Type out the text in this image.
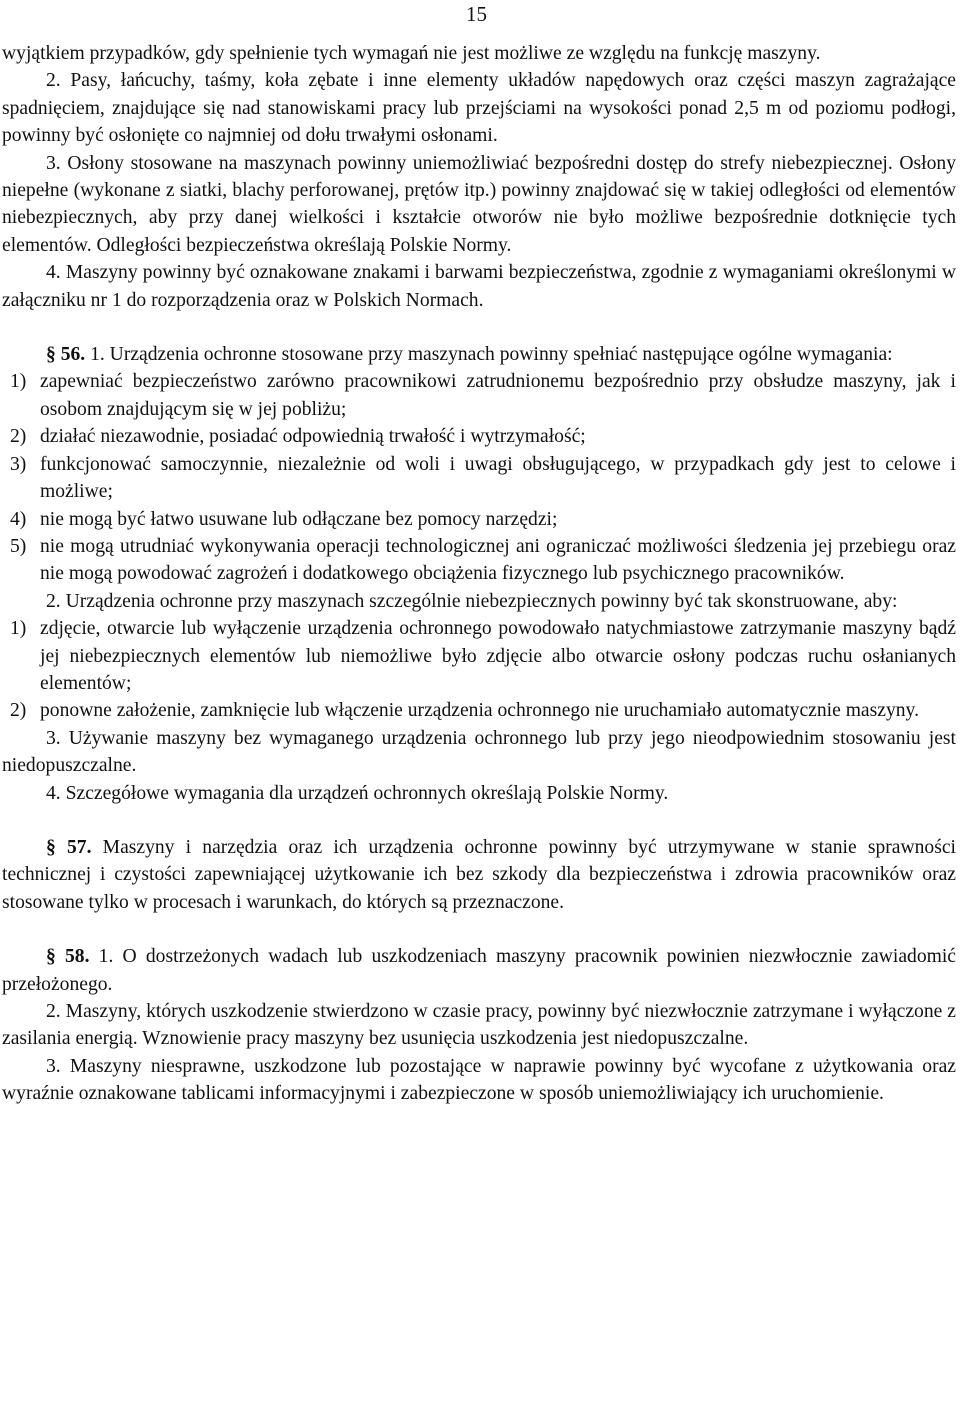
15

wyjątkiem przypadków, gdy spełnienie tych wymagań nie jest możliwe ze względu na funkcję maszyny.

2. Pasy, łańcuchy, taśmy, koła zębate i inne elementy układów napędowych oraz części maszyn zagrażające spadnięciem, znajdujące się nad stanowiskami pracy lub przejściami na wysokości ponad 2,5 m od poziomu podłogi, powinny być osłonięte co najmniej od dołu trwałymi osłonami.

3. Osłony stosowane na maszynach powinny uniemożliwiać bezpośredni dostęp do strefy niebezpiecznej. Osłony niepełne (wykonane z siatki, blachy perforowanej, prętów itp.) powinny znajdować się w takiej odległości od elementów niebezpiecznych, aby przy danej wielkości i kształcie otworów nie było możliwe bezpośrednie dotknięcie tych elementów. Odległości bezpieczeństwa określają Polskie Normy.

4. Maszyny powinny być oznakowane znakami i barwami bezpieczeństwa, zgodnie z wymaganiami określonymi w załączniku nr 1 do rozporządzenia oraz w Polskich Normach.

§ 56. 1. Urządzenia ochronne stosowane przy maszynach powinny spełniać następujące ogólne wymagania:

1) zapewniać bezpieczeństwo zarówno pracownikowi zatrudnionemu bezpośrednio przy obsłudze maszyny, jak i osobom znajdującym się w jej pobliżu;
2) działać niezawodnie, posiadać odpowiednią trwałość i wytrzymałość;
3) funkcjonować samoczynnie, niezależnie od woli i uwagi obsługującego, w przypadkach gdy jest to celowe i możliwe;
4) nie mogą być łatwo usuwane lub odłączane bez pomocy narzędzi;
5) nie mogą utrudniać wykonywania operacji technologicznej ani ograniczać możliwości śledzenia jej przebiegu oraz nie mogą powodować zagrożeń i dodatkowego obciążenia fizycznego lub psychicznego pracowników.

2. Urządzenia ochronne przy maszynach szczególnie niebezpiecznych powinny być tak skonstruowane, aby:

1) zdjęcie, otwarcie lub wyłączenie urządzenia ochronnego powodowało natychmiastowe zatrzymanie maszyny bądź jej niebezpiecznych elementów lub niemożliwe było zdjęcie albo otwarcie osłony podczas ruchu osłanianych elementów;
2) ponowne założenie, zamknięcie lub włączenie urządzenia ochronnego nie uruchamiało automatycznie maszyny.

3. Używanie maszyny bez wymaganego urządzenia ochronnego lub przy jego nieodpowiednim stosowaniu jest niedopuszczalne.

4. Szczegółowe wymagania dla urządzeń ochronnych określają Polskie Normy.

§ 57. Maszyny i narzędzia oraz ich urządzenia ochronne powinny być utrzymywane w stanie sprawności technicznej i czystości zapewniającej użytkowanie ich bez szkody dla bezpieczeństwa i zdrowia pracowników oraz stosowane tylko w procesach i warunkach, do których są przeznaczone.

§ 58. 1. O dostrzeżonych wadach lub uszkodzeniach maszyny pracownik powinien niezwłocznie zawiadomić przełożonego.

2. Maszyny, których uszkodzenie stwierdzono w czasie pracy, powinny być niezwłocznie zatrzymane i wyłączone z zasilania energią. Wznowienie pracy maszyny bez usunięcia uszkodzenia jest niedopuszczalne.

3. Maszyny niesprawne, uszkodzone lub pozostające w naprawie powinny być wycofane z użytkowania oraz wyraźnie oznakowane tablicami informacyjnymi i zabezpieczone w sposób uniemożliwiający ich uruchomienie.
